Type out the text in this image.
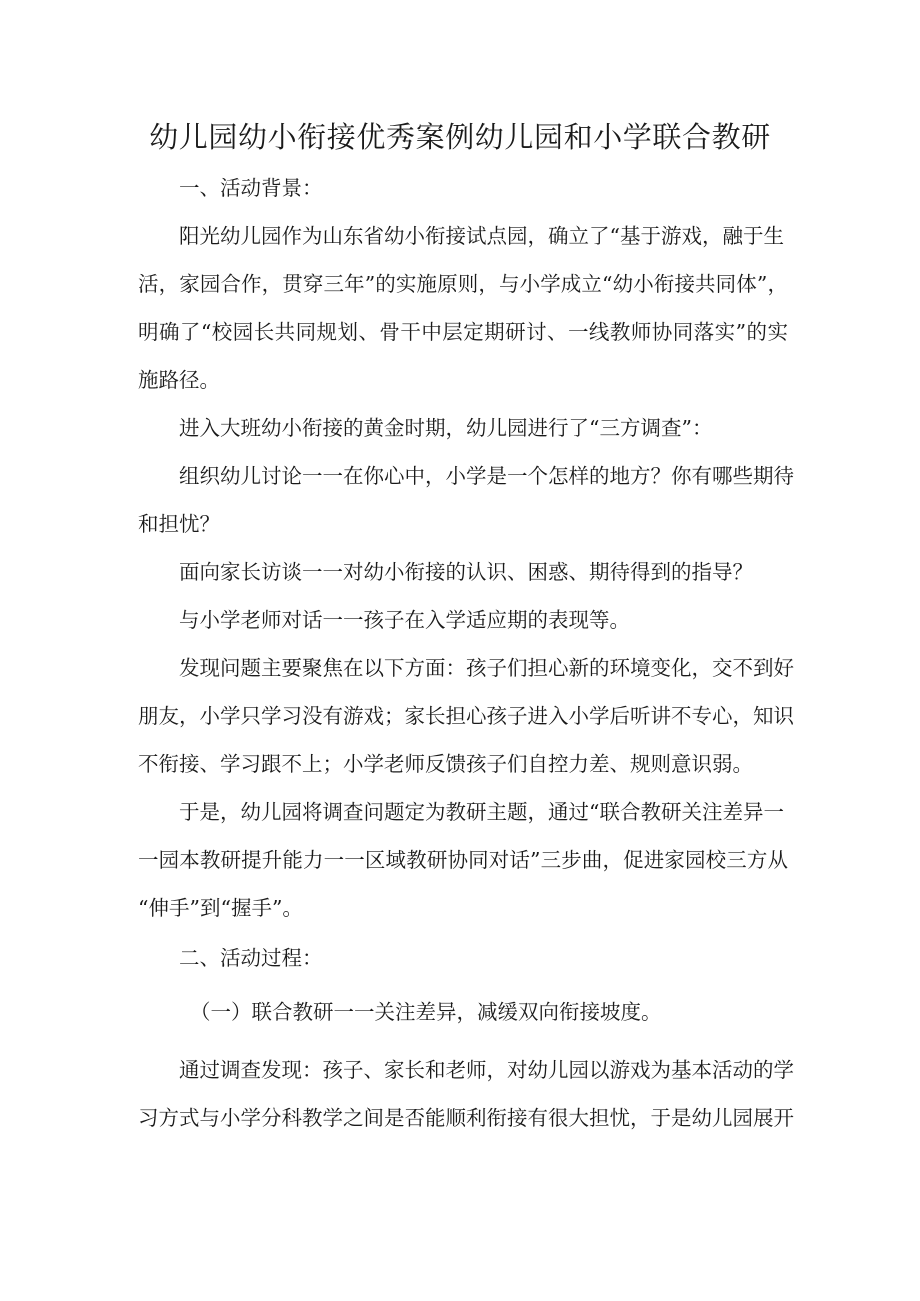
幼儿园幼小衔接优秀案例幼儿园和小学联合教研
一、活动背景：
阳光幼儿园作为山东省幼小衔接试点园，确立了“基于游戏，融于生
活，家园合作，贯穿三年”的实施原则，与小学成立“幼小衔接共同体”，
明确了“校园长共同规划、骨干中层定期研讨、一线教师协同落实”的实
施路径。
进入大班幼小衔接的黄金时期，幼儿园进行了“三方调查”：
组织幼儿讨论一一在你心中，小学是一个怎样的地方？你有哪些期待
和担忧？
面向家长访谈一一对幼小衔接的认识、困惑、期待得到的指导？
与小学老师对话一一孩子在入学适应期的表现等。
发现问题主要聚焦在以下方面：孩子们担心新的环境变化，交不到好
朋友，小学只学习没有游戏；家长担心孩子进入小学后听讲不专心，知识
不衔接、学习跟不上；小学老师反馈孩子们自控力差、规则意识弱。
于是，幼儿园将调查问题定为教研主题，通过“联合教研关注差异一
一园本教研提升能力一一区域教研协同对话”三步曲，促进家园校三方从
“伸手”到“握手”。
二、活动过程：
（一）联合教研一一关注差异，减缓双向衔接坡度。
通过调查发现：孩子、家长和老师，对幼儿园以游戏为基本活动的学
习方式与小学分科教学之间是否能顺利衔接有很大担忧，于是幼儿园展开
